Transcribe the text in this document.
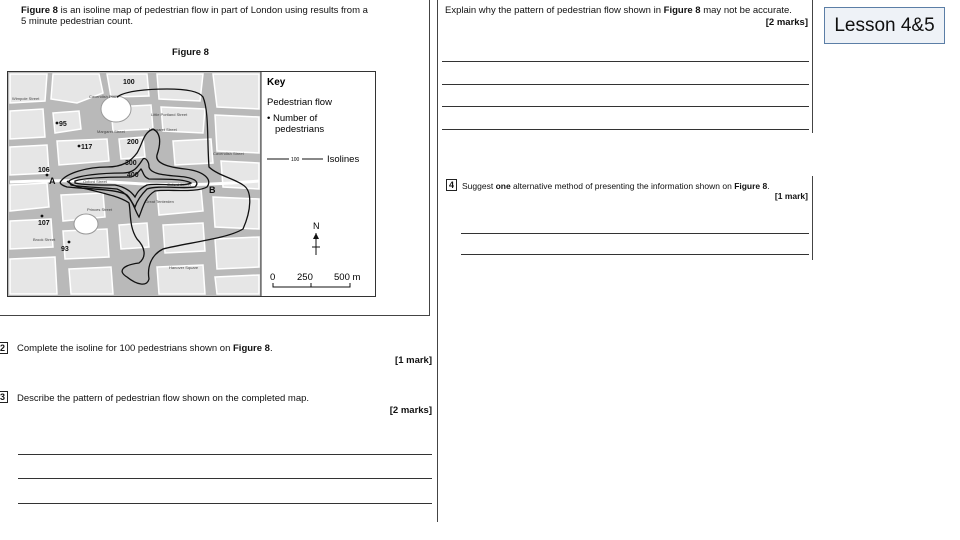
Lesson 4&5
Figure 8 is an isoline map of pedestrian flow in part of London using results from a
5 minute pedestrian count.
Figure 8
Wimpole Street	Cavendish Place
Margaret Street
Little Portland Street
Margaret Street
Cavendish Street
Oxford Street
Oxford Street
Princes Street
Great Tenterden
Brook Street
Hanover Square
100
200
300
400
95
117
106
107
93
A
B
Key
Pedestrian flow
• Number of
pedestrians
100	Isolines
N
0 250 500 m
2	Complete the isoline for 100 pedestrians shown on Figure 8.
[1 mark]
3	Describe the pattern of pedestrian flow shown on the completed map.
[2 marks]
Explain why the pattern of pedestrian flow shown in Figure 8 may not be accurate.
[2 marks]
4 Suggest one alternative method of presenting the information shown on Figure 8.
[1 mark]
